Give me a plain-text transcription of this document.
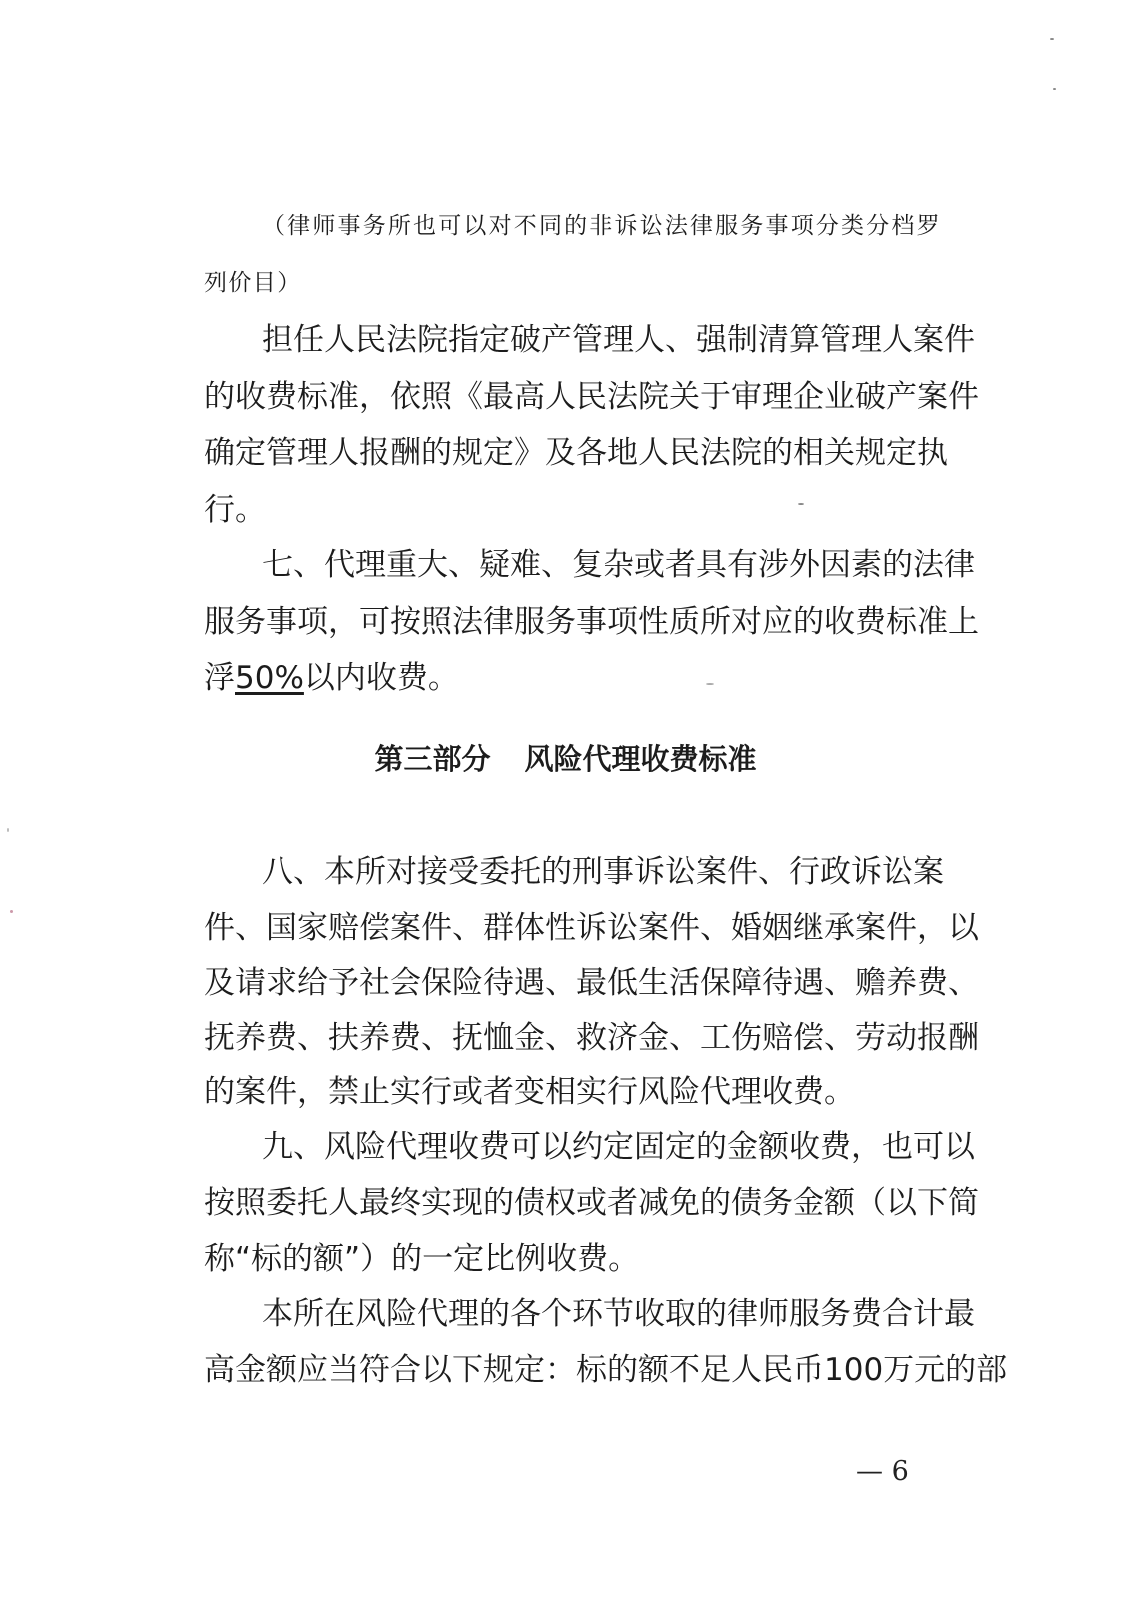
（律师事务所也可以对不同的非诉讼法律服务事项分类分档罗
列价目）
担任人民法院指定破产管理人、强制清算管理人案件
的收费标准，依照《最高人民法院关于审理企业破产案件
确定管理人报酬的规定》及各地人民法院的相关规定执
行。
七、代理重大、疑难、复杂或者具有涉外因素的法律
服务事项，可按照法律服务事项性质所对应的收费标准上
浮50%以内收费。
第三部分 风险代理收费标准
八、本所对接受委托的刑事诉讼案件、行政诉讼案
件、国家赔偿案件、群体性诉讼案件、婚姻继承案件，以
及请求给予社会保险待遇、最低生活保障待遇、赡养费、
抚养费、扶养费、抚恤金、救济金、工伤赔偿、劳动报酬
的案件，禁止实行或者变相实行风险代理收费。
九、风险代理收费可以约定固定的金额收费，也可以
按照委托人最终实现的债权或者减免的债务金额（以下简
称“标的额”）的一定比例收费。
本所在风险代理的各个环节收取的律师服务费合计最
高金额应当符合以下规定：标的额不足人民币100万元的部
— 6
